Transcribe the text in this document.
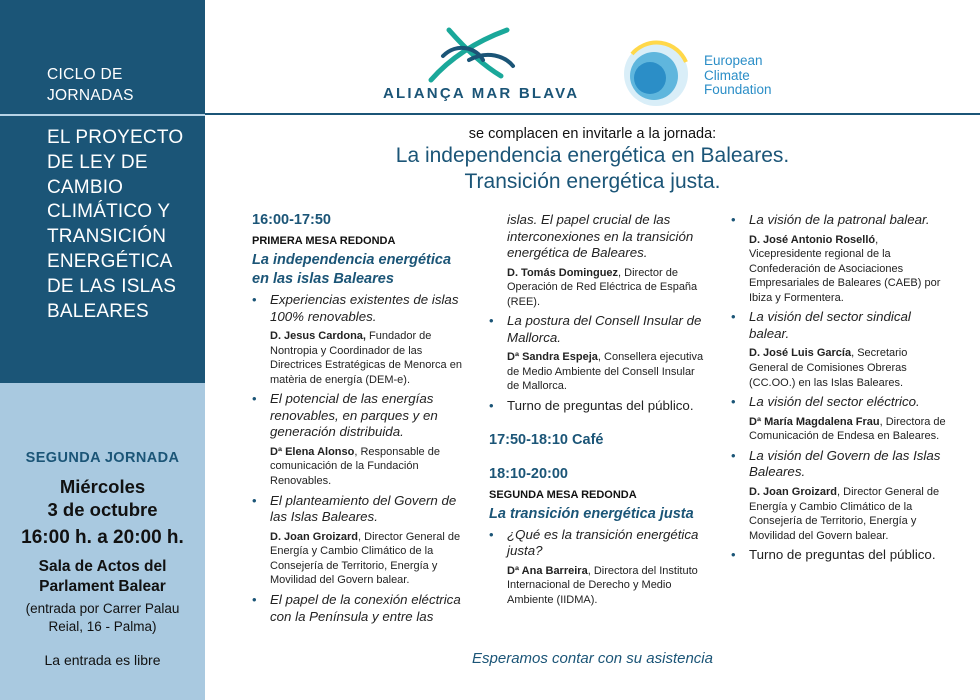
CICLO DE
JORNADAS
EL PROYECTO
DE LEY DE
CAMBIO
CLIMÁTICO Y
TRANSICIÓN
ENERGÉTICA
DE LAS ISLAS
BALEARES
SEGUNDA JORNADA
Miércoles
3 de octubre
16:00 h. a 20:00 h.
Sala de Actos del
Parlament Balear
(entrada por Carrer Palau
Reial, 16 - Palma)
La entrada es libre
ALIANÇA MAR BLAVA
European
Climate
Foundation
se complacen en invitarle a la jornada:
La independencia energética en Baleares.
Transición energética justa.
16:00-17:50
PRIMERA MESA REDONDA
La independencia energética
en las islas Baleares
• Experiencias existentes de islas 100% renovables.
D. Jesus Cardona, Fundador de Nontropia y Coordinador de las Directrices Estratégicas de Menorca en matèria de energía (DEM-e).
• El potencial de las energías renovables, en parques y en generación distribuida.
Dª Elena Alonso, Responsable de comunicación de la Fundación Renovables.
• El planteamiento del Govern de las Islas Baleares.
D. Joan Groizard, Director General de Energía y Cambio Climático de la Consejería de Territorio, Energía y Movilidad del Govern balear.
• El papel de la conexión eléctrica con la Península y entre las
islas. El papel crucial de las interconexiones en la transición energética de Baleares.
D. Tomás Dominguez, Director de Operación de Red Eléctrica de España (REE).
• La postura del Consell Insular de Mallorca.
Dª Sandra Espeja, Consellera ejecutiva de Medio Ambiente del Consell Insular de Mallorca.
• Turno de preguntas del público.
17:50-18:10 Café
18:10-20:00
SEGUNDA MESA REDONDA
La transición energética justa
• ¿Qué es la transición energética justa?
Dª Ana Barreira, Directora del Instituto Internacional de Derecho y Medio Ambiente (IIDMA).
• La visión de la patronal balear.
D. José Antonio Roselló, Vicepresidente regional de la Confederación de Asociaciones Empresariales de Baleares (CAEB) por Ibiza y Formentera.
• La visión del sector sindical balear.
D. José Luis García, Secretario General de Comisiones Obreras (CC.OO.) en las Islas Baleares.
• La visión del sector eléctrico.
Dª María Magdalena Frau, Directora de Comunicación de Endesa en Baleares.
• La visión del Govern de las Islas Baleares.
D. Joan Groizard, Director General de Energía y Cambio Climático de la Consejería de Territorio, Energía y Movilidad del Govern balear.
• Turno de preguntas del público.
Esperamos contar con su asistencia
